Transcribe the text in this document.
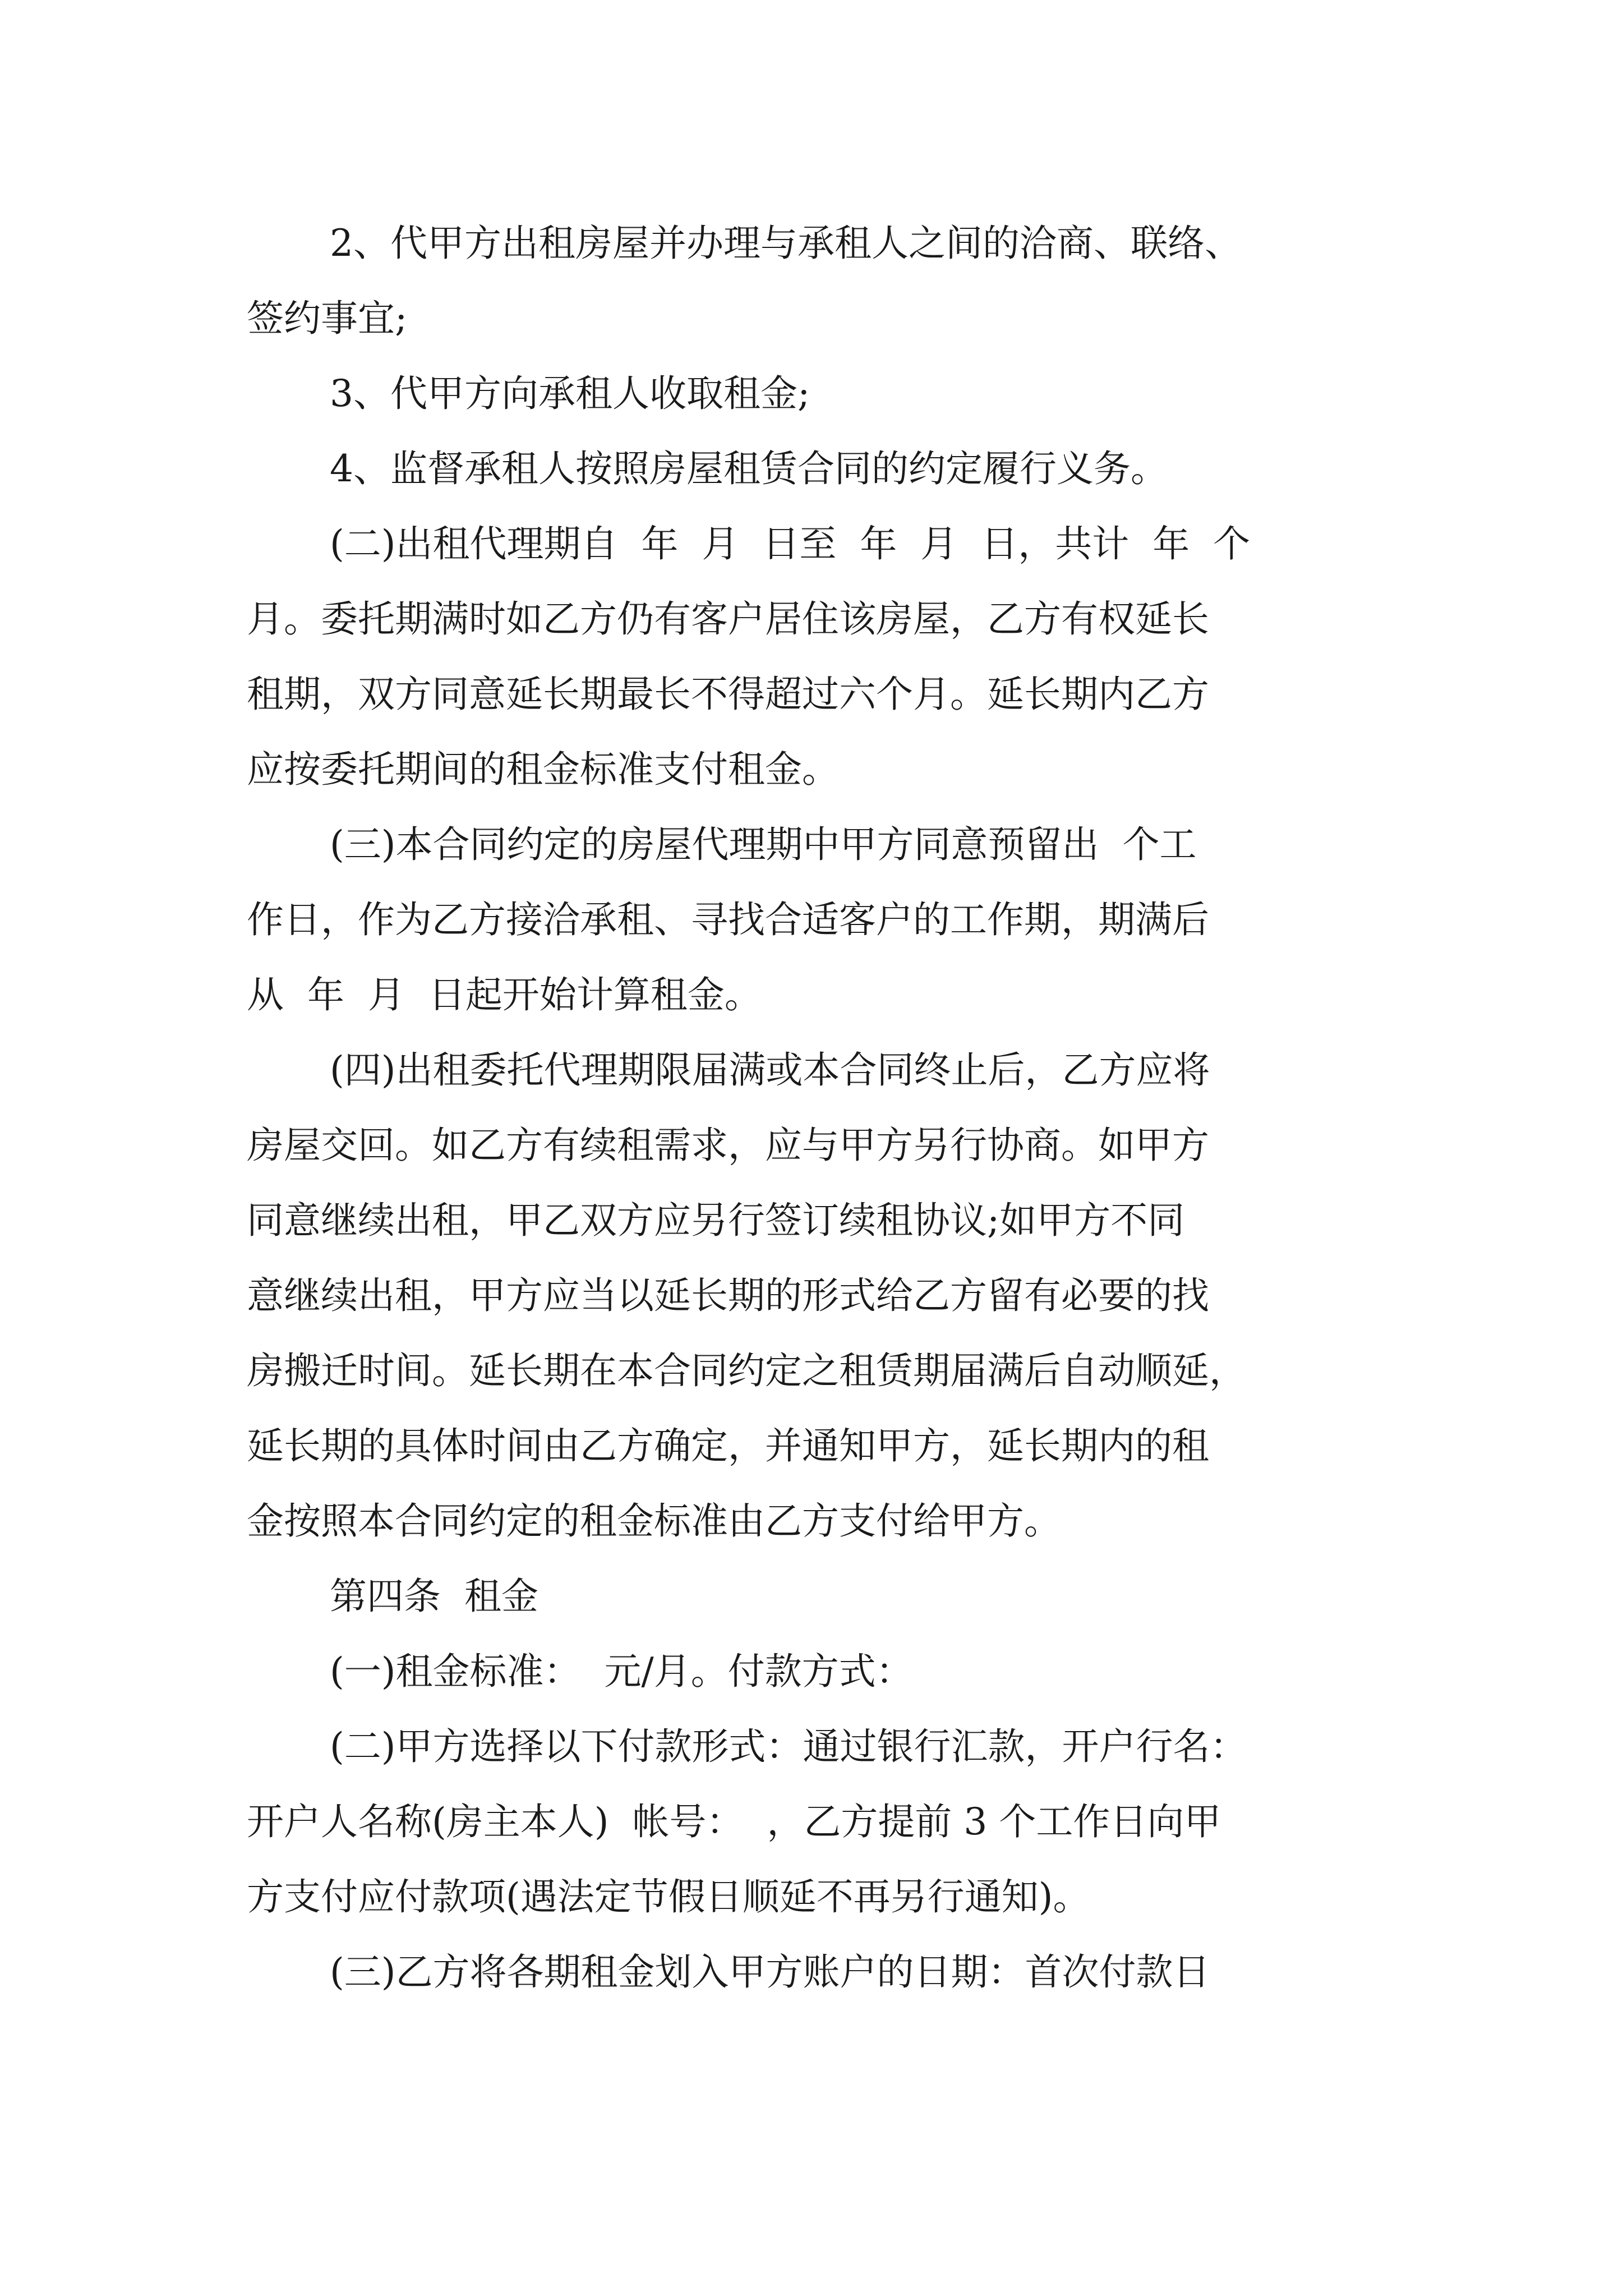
2、代甲方出租房屋并办理与承租人之间的洽商、联络、
签约事宜;
3、代甲方向承租人收取租金;
4、监督承租人按照房屋租赁合同的约定履行义务。
(二)出租代理期自  年  月  日至  年  月  日，共计  年  个
月。委托期满时如乙方仍有客户居住该房屋，乙方有权延长
租期，双方同意延长期最长不得超过六个月。延长期内乙方
应按委托期间的租金标准支付租金。
(三)本合同约定的房屋代理期中甲方同意预留出  个工
作日，作为乙方接洽承租、寻找合适客户的工作期，期满后
从  年  月  日起开始计算租金。
(四)出租委托代理期限届满或本合同终止后，乙方应将
房屋交回。如乙方有续租需求，应与甲方另行协商。如甲方
同意继续出租，甲乙双方应另行签订续租协议;如甲方不同
意继续出租，甲方应当以延长期的形式给乙方留有必要的找
房搬迁时间。延长期在本合同约定之租赁期届满后自动顺延，
延长期的具体时间由乙方确定，并通知甲方，延长期内的租
金按照本合同约定的租金标准由乙方支付给甲方。
第四条  租金
(一)租金标准：  元/月。付款方式：
(二)甲方选择以下付款形式：通过银行汇款，开户行名：
开户人名称(房主本人)  帐号：  ，乙方提前 3 个工作日向甲
方支付应付款项(遇法定节假日顺延不再另行通知)。
(三)乙方将各期租金划入甲方账户的日期：首次付款日
